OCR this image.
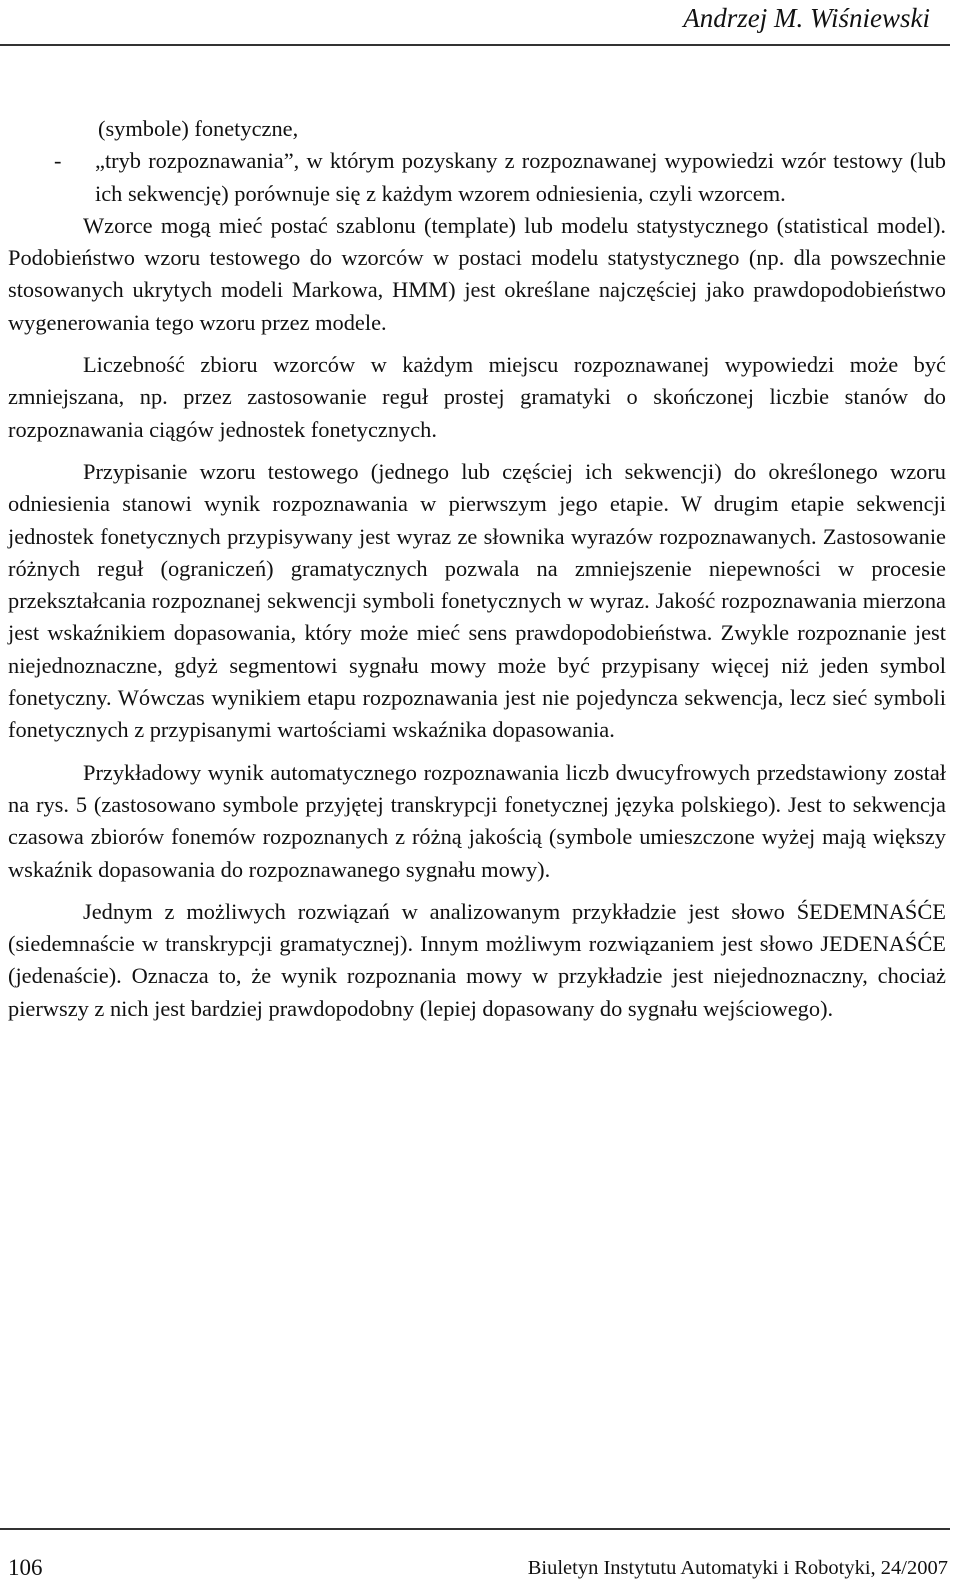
Andrzej M. Wiśniewski

(symbole) fonetyczne,

- „tryb rozpoznawania”, w którym pozyskany z rozpoznawanej wypowiedzi wzór testowy (lub ich sekwencję) porównuje się z każdym wzorem odniesienia, czyli wzorcem.

Wzorce mogą mieć postać szablonu (template) lub modelu statystycznego (statistical model). Podobieństwo wzoru testowego do wzorców w postaci modelu statystycznego (np. dla powszechnie stosowanych ukrytych modeli Markowa, HMM) jest określane najczęściej jako prawdopodobieństwo wygenerowania tego wzoru przez modele.

Liczebność zbioru wzorców w każdym miejscu rozpoznawanej wypowiedzi może być zmniejszana, np. przez zastosowanie reguł prostej gramatyki o skończonej liczbie stanów do rozpoznawania ciągów jednostek fonetycznych.

Przypisanie wzoru testowego (jednego lub częściej ich sekwencji) do określonego wzoru odniesienia stanowi wynik rozpoznawania w pierwszym jego etapie. W drugim etapie sekwencji jednostek fonetycznych przypisywany jest wyraz ze słownika wyrazów rozpoznawanych. Zastosowanie różnych reguł (ograniczeń) gramatycznych pozwala na zmniejszenie niepewności w procesie przekształcania rozpoznanej sekwencji symboli fonetycznych w wyraz. Jakość rozpoznawania mierzona jest wskaźnikiem dopasowania, który może mieć sens prawdopodobieństwa. Zwykle rozpoznanie jest niejednoznaczne, gdyż segmentowi sygnału mowy może być przypisany więcej niż jeden symbol fonetyczny. Wówczas wynikiem etapu rozpoznawania jest nie pojedyncza sekwencja, lecz sieć symboli fonetycznych z przypisanymi wartościami wskaźnika dopasowania.

Przykładowy wynik automatycznego rozpoznawania liczb dwucyfrowych przedstawiony został na rys. 5 (zastosowano symbole przyjętej transkrypcji fonetycznej języka polskiego). Jest to sekwencja czasowa zbiorów fonemów rozpoznanych z różną jakością (symbole umieszczone wyżej mają większy wskaźnik dopasowania do rozpoznawanego sygnału mowy).

Jednym z możliwych rozwiązań w analizowanym przykładzie jest słowo ŚEDEMNAŚĆE (siedemnaście w transkrypcji gramatycznej). Innym możliwym rozwiązaniem jest słowo JEDENAŚĆE (jedenaście). Oznacza to, że wynik rozpoznania mowy w przykładzie jest niejednoznaczny, chociaż pierwszy z nich jest bardziej prawdopodobny (lepiej dopasowany do sygnału wejściowego).

106	Biuletyn Instytutu Automatyki i Robotyki, 24/2007
